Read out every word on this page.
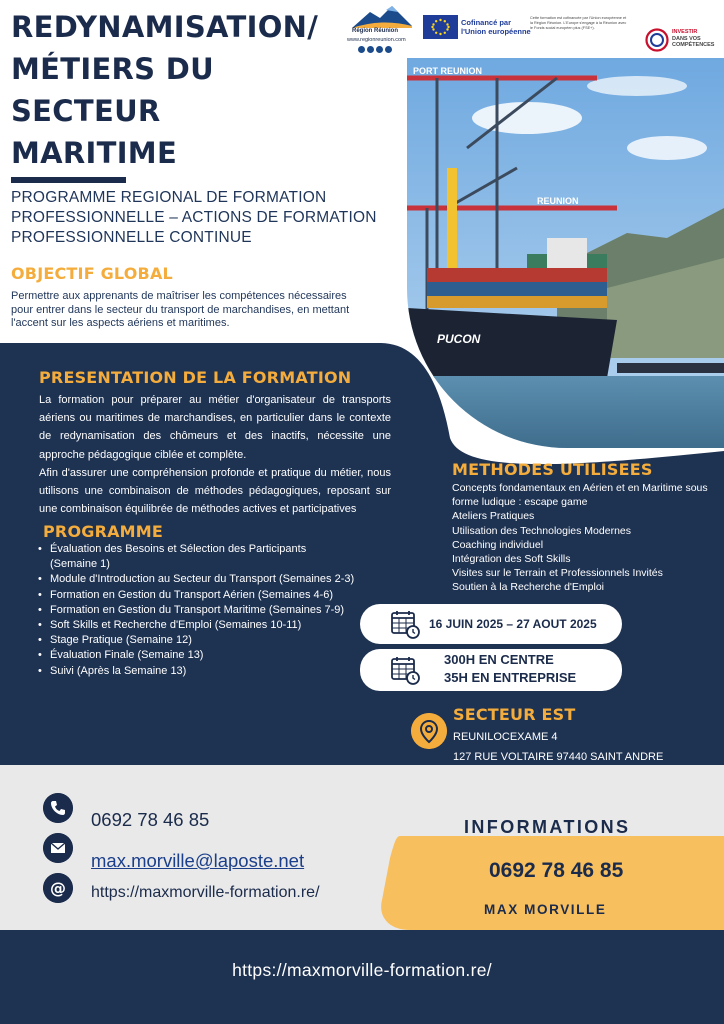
REDYNAMISATION/
MÉTIERS DU
SECTEUR
MARITIME
PROGRAMME REGIONAL DE FORMATION
PROFESSIONNELLE – ACTIONS DE FORMATION
PROFESSIONNELLE CONTINUE
Région Réunion
www.regionreunion.com
Cofinancé par l'Union européenne
Cette formation est cofinancée par l'Union européenne et la Région Réunion. L'Europe s'engage à la Réunion avec le Fonds social européen plus (FSE+).
INVESTIR
DANS VOS
COMPÉTENCES
OBJECTIF GLOBAL
Permettre aux apprenants de maîtriser les compétences nécessaires
pour entrer dans le secteur du transport de marchandises, en mettant
l'accent sur les aspects aériens et maritimes.
PORT REUNION
REUNION
PUCON
PRESENTATION DE LA FORMATION

La formation pour préparer au métier d'organisateur de transports aériens ou maritimes de marchandises, en particulier dans le contexte de redynamisation des chômeurs et des inactifs, nécessite une approche pédagogique ciblée et complète.

Afin d'assurer une compréhension profonde et pratique du métier, nous utilisons une combinaison de méthodes pédagogiques, reposant sur une combinaison équilibrée de méthodes actives et participatives

PROGRAMME
• Évaluation des Besoins et Sélection des Participants (Semaine 1)
• Module d'Introduction au Secteur du Transport (Semaines 2-3)
• Formation en Gestion du Transport Aérien (Semaines 4-6)
• Formation en Gestion du Transport Maritime (Semaines 7-9)
• Soft Skills et Recherche d'Emploi (Semaines 10-11)
• Stage Pratique (Semaine 12)
• Évaluation Finale (Semaine 13)
• Suivi (Après la Semaine 13)
METHODES UTILISEES
Concepts fondamentaux en Aérien et en Maritime sous forme ludique : escape game
Ateliers Pratiques
Utilisation des Technologies Modernes
Coaching individuel
Intégration des Soft Skills
Visites sur le Terrain et Professionnels Invités
Soutien à la Recherche d'Emploi
16 JUIN 2025 – 27 AOUT 2025
300H EN CENTRE
35H EN ENTREPRISE
SECTEUR EST
REUNILOCEXAME 4
127 RUE VOLTAIRE 97440 SAINT ANDRE
@
0692 78 46 85
max.morville@laposte.net
https://maxmorville-formation.re/
INFORMATIONS
0692 78 46 85
MAX MORVILLE
https://maxmorville-formation.re/
